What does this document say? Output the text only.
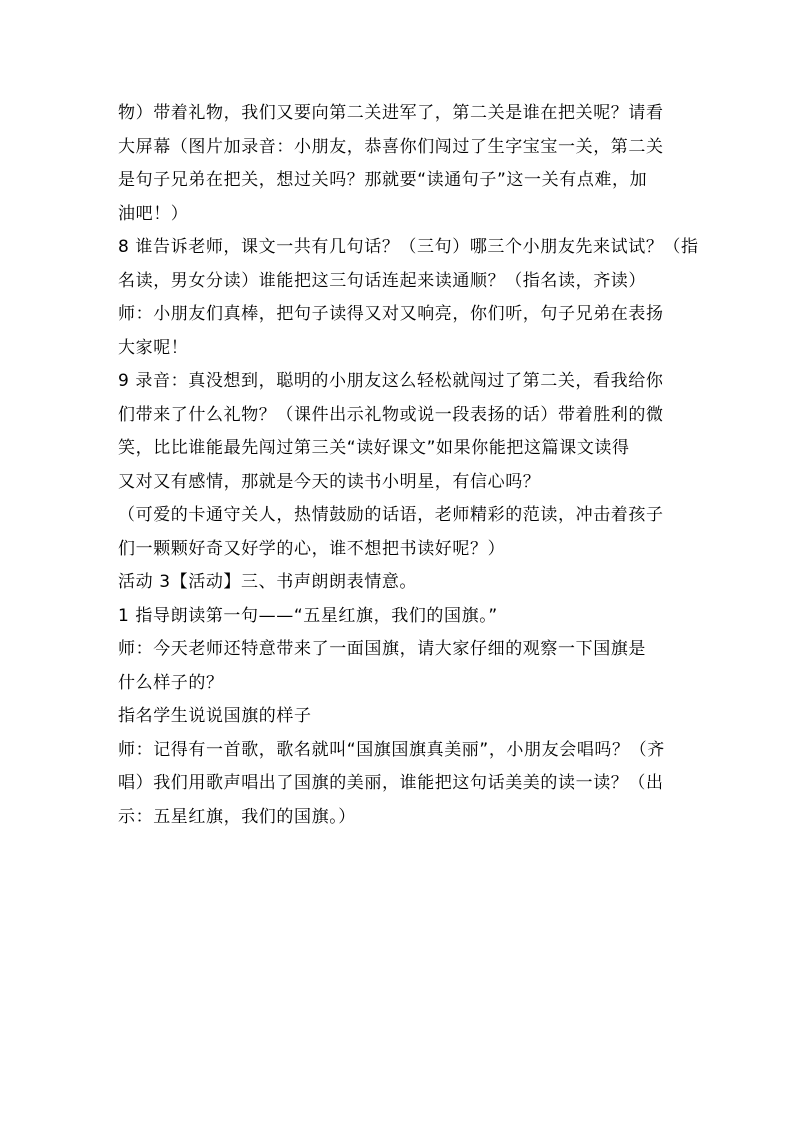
物）带着礼物，我们又要向第二关进军了，第二关是谁在把关呢？请看
大屏幕（图片加录音：小朋友，恭喜你们闯过了生字宝宝一关，第二关
是句子兄弟在把关，想过关吗？那就要“读通句子”这一关有点难，加
油吧！）
8 谁告诉老师，课文一共有几句话？（三句）哪三个小朋友先来试试？（指
名读，男女分读）谁能把这三句话连起来读通顺？（指名读，齐读）
师：小朋友们真棒，把句子读得又对又响亮，你们听，句子兄弟在表扬
大家呢！
9 录音：真没想到，聪明的小朋友这么轻松就闯过了第二关，看我给你
们带来了什么礼物？（课件出示礼物或说一段表扬的话）带着胜利的微
笑，比比谁能最先闯过第三关“读好课文”如果你能把这篇课文读得
又对又有感情，那就是今天的读书小明星，有信心吗？
（可爱的卡通守关人，热情鼓励的话语，老师精彩的范读，冲击着孩子
们一颗颗好奇又好学的心，谁不想把书读好呢？）
活动 3【活动】三、书声朗朗表情意。
1 指导朗读第一句——“五星红旗，我们的国旗。”
师：今天老师还特意带来了一面国旗，请大家仔细的观察一下国旗是
什么样子的？
指名学生说说国旗的样子
师：记得有一首歌，歌名就叫“国旗国旗真美丽”，小朋友会唱吗？（齐
唱）我们用歌声唱出了国旗的美丽，谁能把这句话美美的读一读？（出
示：五星红旗，我们的国旗。）
